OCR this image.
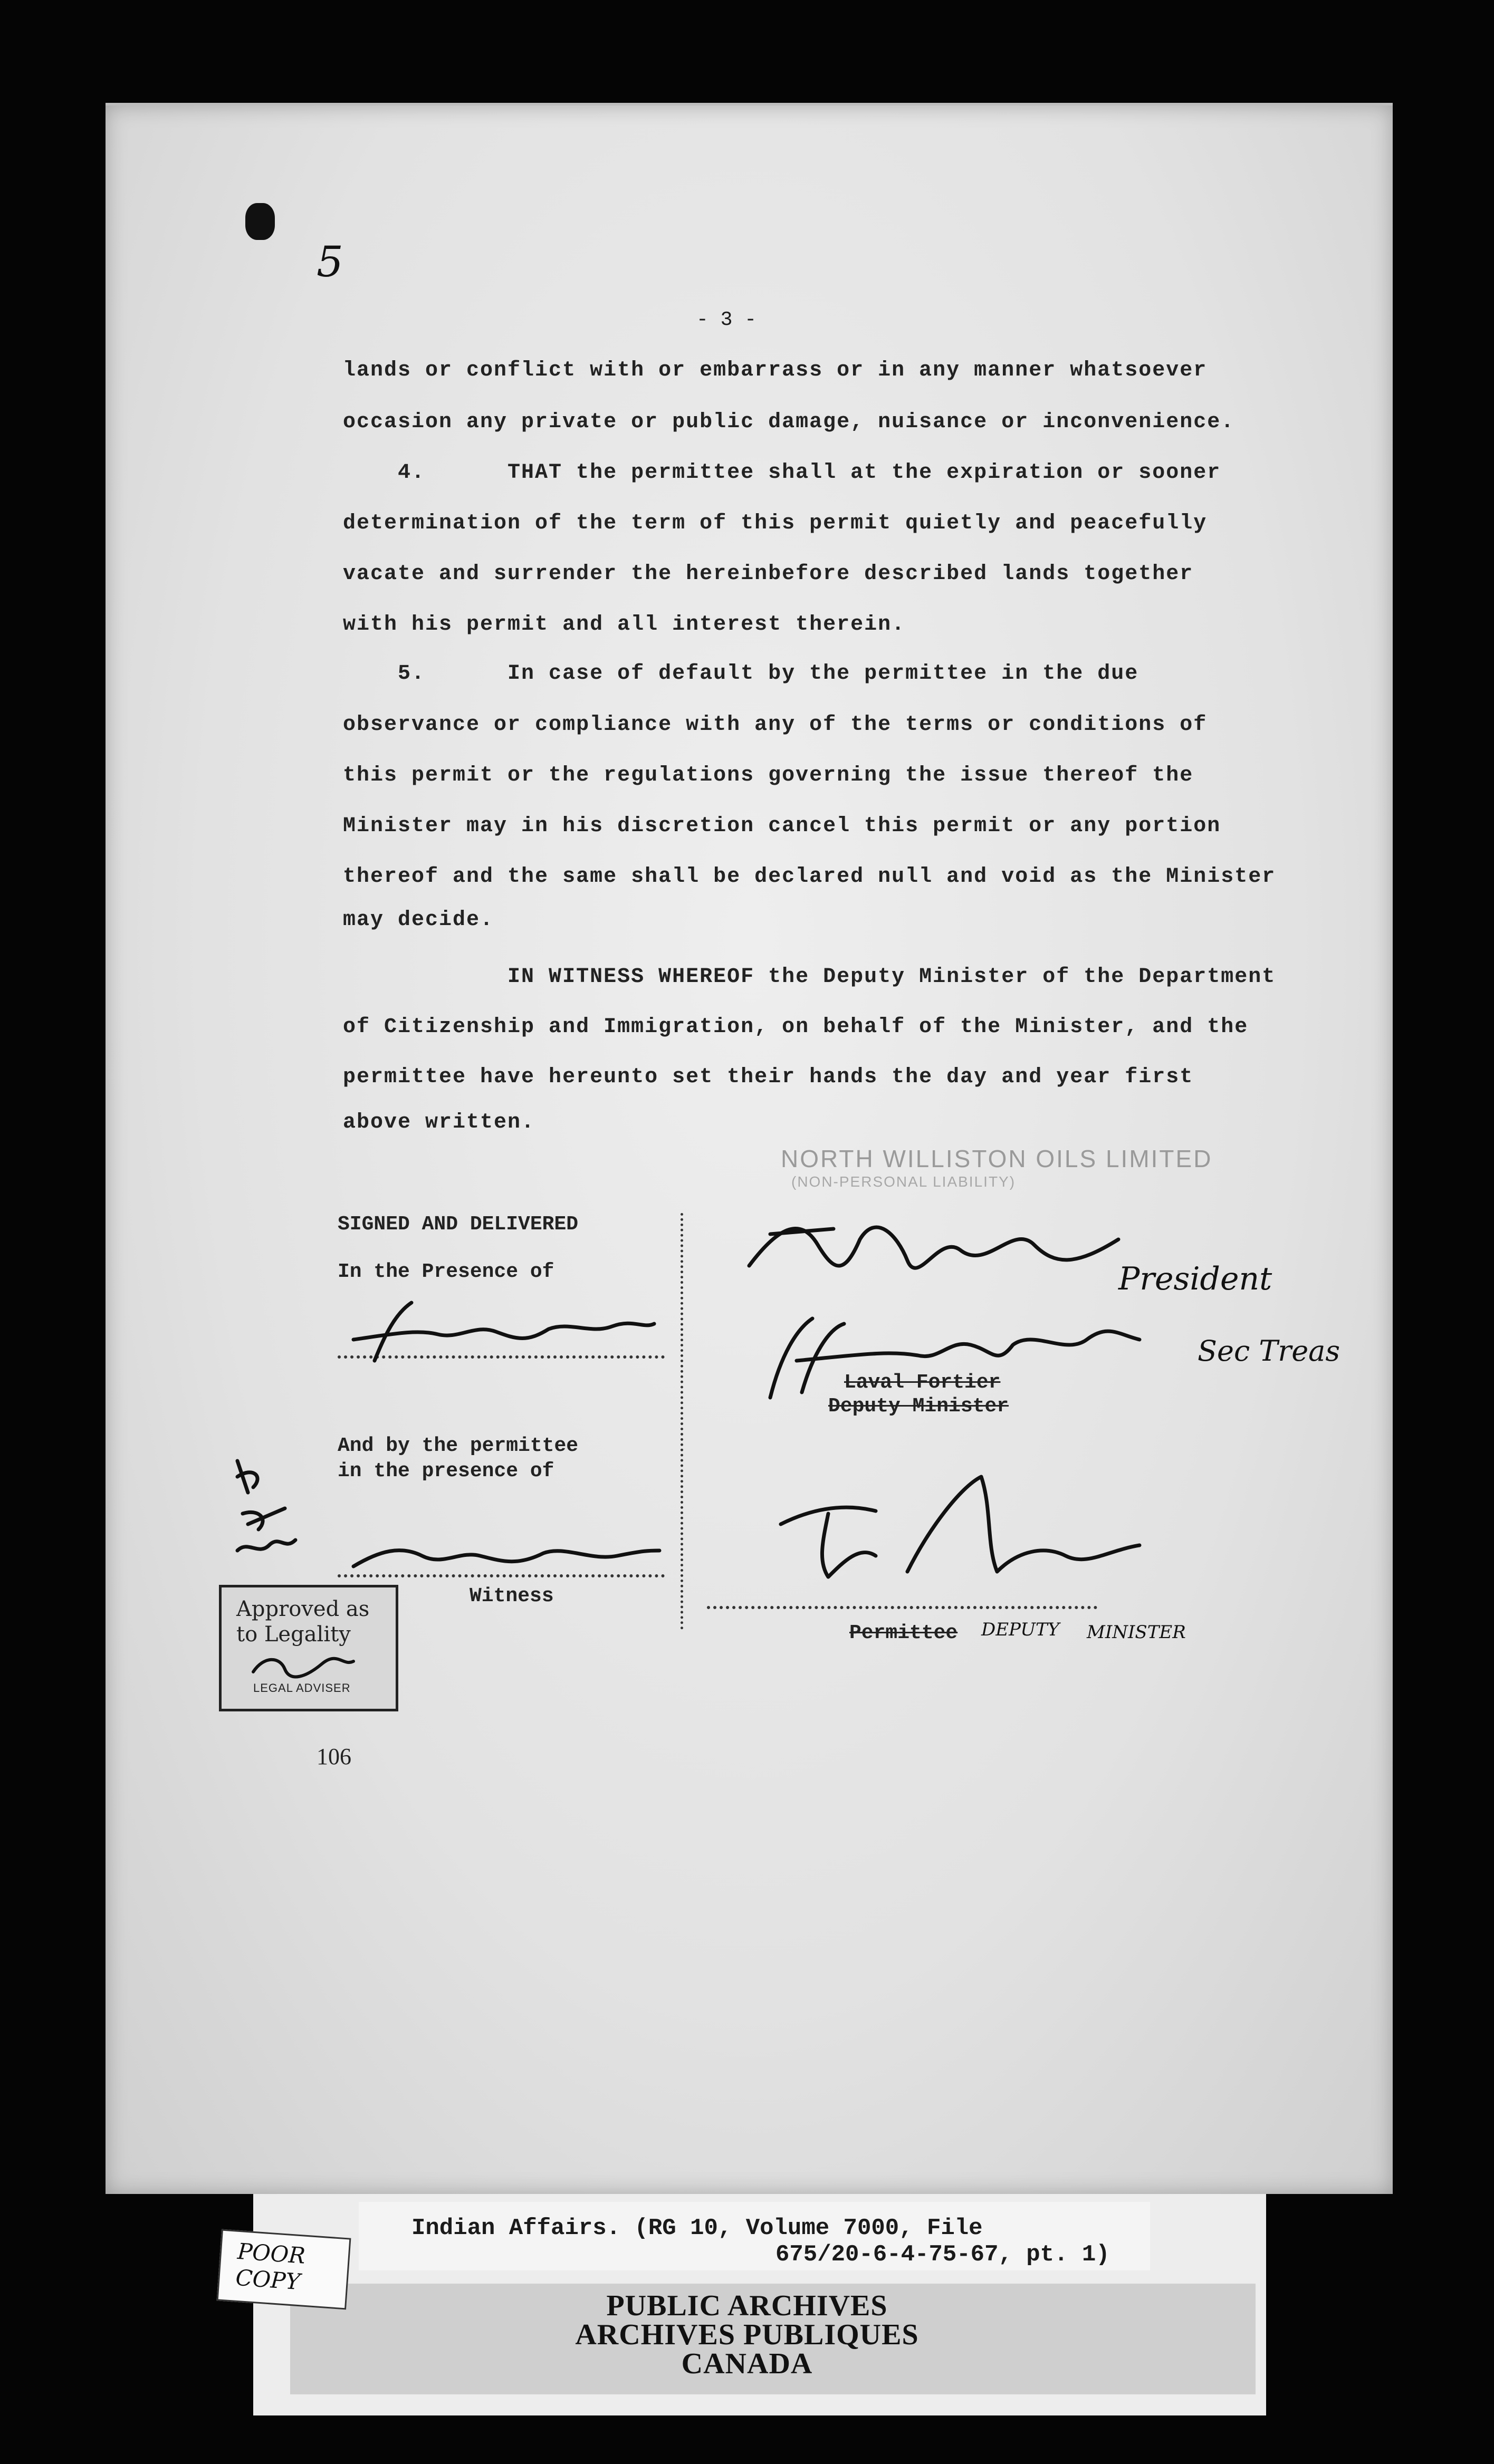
5
- 3 -
lands or conflict with or embarrass or in any manner whatsoever
occasion any private or public damage, nuisance or inconvenience.
4.      THAT the permittee shall at the expiration or sooner
determination of the term of this permit quietly and peacefully
vacate and surrender the hereinbefore described lands together
with his permit and all interest therein.
5.      In case of default by the permittee in the due
observance or compliance with any of the terms or conditions of
this permit or the regulations governing the issue thereof the
Minister may in his discretion cancel this permit or any portion
thereof and the same shall be declared null and void as the Minister
may decide.
IN WITNESS WHEREOF the Deputy Minister of the Department
of Citizenship and Immigration, on behalf of the Minister, and the
permittee have hereunto set their hands the day and year first
above written.
NORTH WILLISTON OILS LIMITED
(NON-PERSONAL LIABILITY)
SIGNED AND DELIVERED
In the Presence of
And by the permittee
in the presence of
Witness
Laval Fortier
Deputy Minister
Permittee DEPUTY MINISTER
President
Sec Treas
Approved as
to Legality
LEGAL ADVISER
106
Indian Affairs. (RG 10, Volume 7000, File
675/20-6-4-75-67, pt. 1)
PUBLIC ARCHIVES
ARCHIVES PUBLIQUES
CANADA
POOR
COPY
